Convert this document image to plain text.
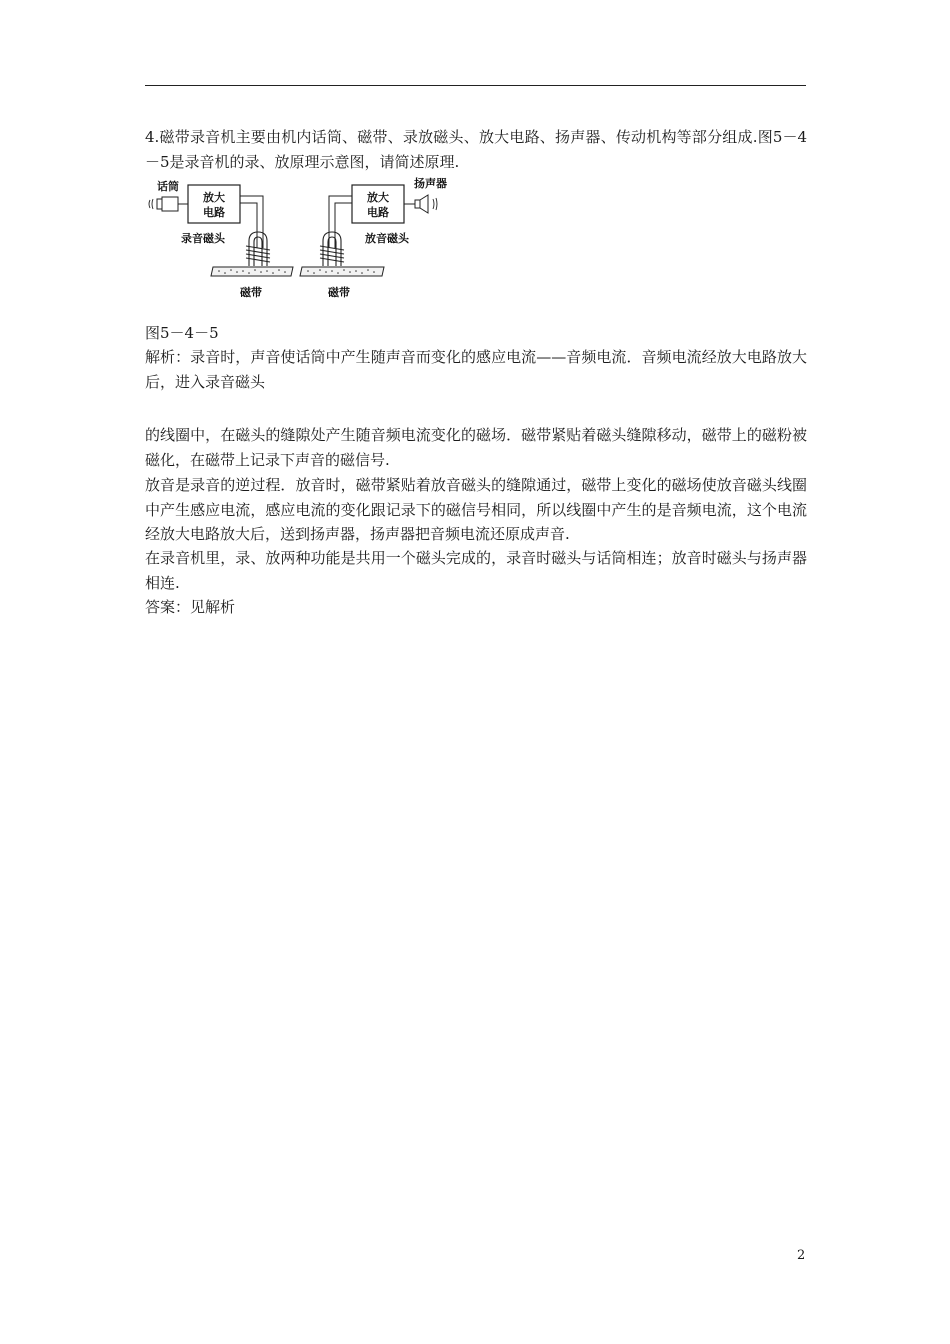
4.磁带录音机主要由机内话筒、磁带、录放磁头、放大电路、扬声器、传动机构等部分组成.图5－4－5是录音机的录、放原理示意图，请简述原理.

话筒
放大
电路
录音磁头
磁带
放大
电路
扬声器
放音磁头
磁带

图5－4－5

解析：录音时，声音使话筒中产生随声音而变化的感应电流——音频电流．音频电流经放大电路放大后，进入录音磁头

的线圈中，在磁头的缝隙处产生随音频电流变化的磁场．磁带紧贴着磁头缝隙移动，磁带上的磁粉被磁化，在磁带上记录下声音的磁信号.

放音是录音的逆过程．放音时，磁带紧贴着放音磁头的缝隙通过，磁带上变化的磁场使放音磁头线圈中产生感应电流，感应电流的变化跟记录下的磁信号相同，所以线圈中产生的是音频电流，这个电流经放大电路放大后，送到扬声器，扬声器把音频电流还原成声音.

在录音机里，录、放两种功能是共用一个磁头完成的，录音时磁头与话筒相连；放音时磁头与扬声器相连.

答案：见解析

2
